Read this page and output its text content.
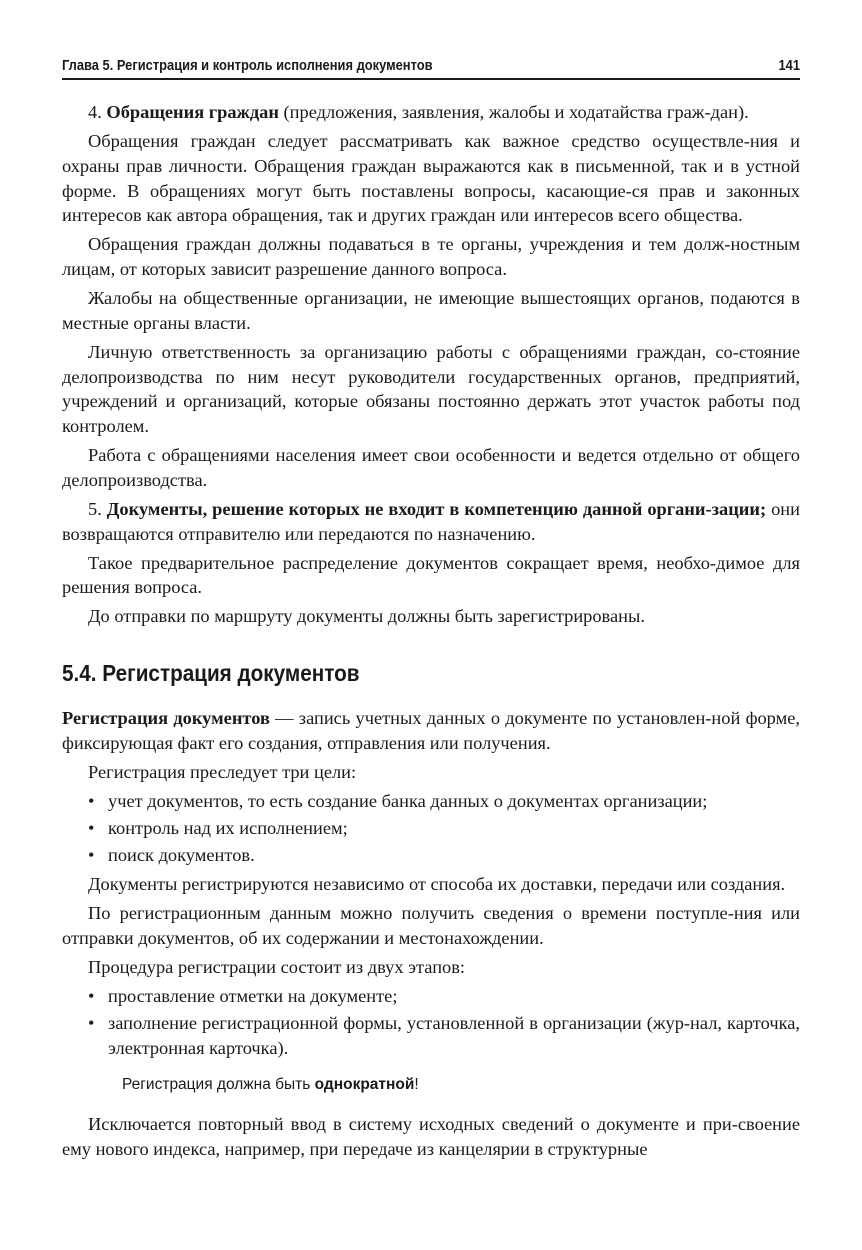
Глава 5. Регистрация и контроль исполнения документов	141

4. Обращения граждан (предложения, заявления, жалобы и ходатайства граж-дан).

Обращения граждан следует рассматривать как важное средство осуществле-ния и охраны прав личности. Обращения граждан выражаются как в письменной, так и в устной форме. В обращениях могут быть поставлены вопросы, касающие-ся прав и законных интересов как автора обращения, так и других граждан или интересов всего общества.

Обращения граждан должны подаваться в те органы, учреждения и тем долж-ностным лицам, от которых зависит разрешение данного вопроса.

Жалобы на общественные организации, не имеющие вышестоящих органов, подаются в местные органы власти.

Личную ответственность за организацию работы с обращениями граждан, со-стояние делопроизводства по ним несут руководители государственных органов, предприятий, учреждений и организаций, которые обязаны постоянно держать этот участок работы под контролем.

Работа с обращениями населения имеет свои особенности и ведется отдельно от общего делопроизводства.

5. Документы, решение которых не входит в компетенцию данной органи-зации; они возвращаются отправителю или передаются по назначению.

Такое предварительное распределение документов сокращает время, необхо-димое для решения вопроса.

До отправки по маршруту документы должны быть зарегистрированы.

5.4. Регистрация документов

Регистрация документов — запись учетных данных о документе по установлен-ной форме, фиксирующая факт его создания, отправления или получения.

Регистрация преследует три цели:

• учет документов, то есть создание банка данных о документах организации;
• контроль над их исполнением;
• поиск документов.

Документы регистрируются независимо от способа их доставки, передачи или создания.

По регистрационным данным можно получить сведения о времени поступле-ния или отправки документов, об их содержании и местонахождении.

Процедура регистрации состоит из двух этапов:

• проставление отметки на документе;
• заполнение регистрационной формы, установленной в организации (жур-нал, карточка, электронная карточка).
Регистрация должна быть однократной!

Исключается повторный ввод в систему исходных сведений о документе и при-своение ему нового индекса, например, при передаче из канцелярии в структурные
